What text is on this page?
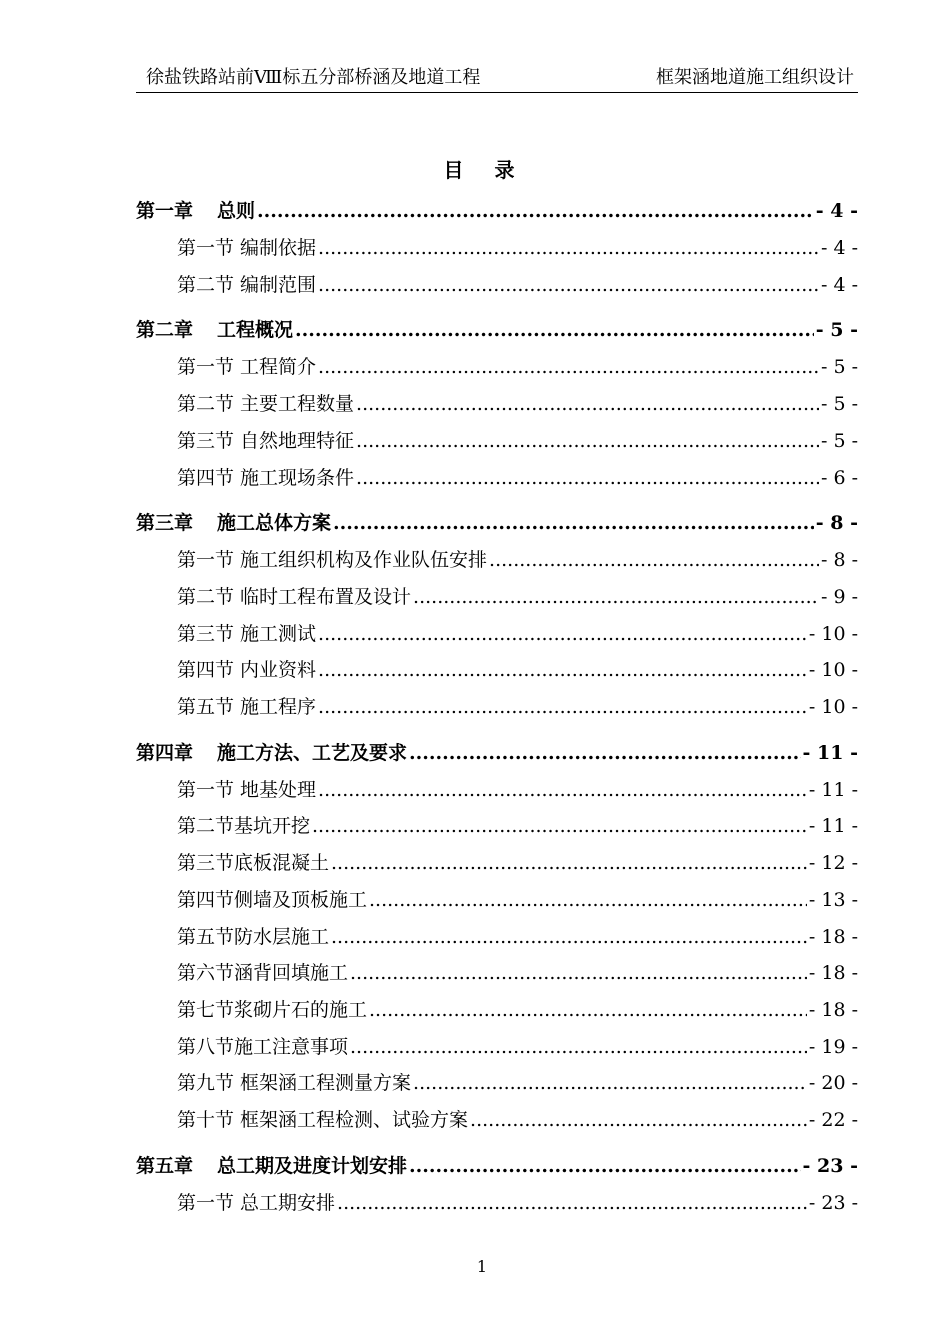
徐盐铁路站前Ⅷ标五分部桥涵及地道工程	框架涵地道施工组织设计
目 录
第一章 总则 .....	- 4 -
第一节 编制依据 .....	- 4 -
第二节 编制范围 .....	- 4 -
第二章 工程概况 .....	- 5 -
第一节 工程简介 .....	- 5 -
第二节 主要工程数量 .....	- 5 -
第三节 自然地理特征 .....	- 5 -
第四节 施工现场条件 .....	- 6 -
第三章 施工总体方案 .....	- 8 -
第一节 施工组织机构及作业队伍安排 .....	- 8 -
第二节 临时工程布置及设计 .....	- 9 -
第三节 施工测试 .....	- 10 -
第四节 内业资料 .....	- 10 -
第五节 施工程序 .....	- 10 -
第四章 施工方法、工艺及要求 .....	- 11 -
第一节 地基处理 .....	- 11 -
第二节基坑开挖 .....	- 11 -
第三节底板混凝土 .....	- 12 -
第四节侧墙及顶板施工 .....	- 13 -
第五节防水层施工 .....	- 18 -
第六节涵背回填施工 .....	- 18 -
第七节浆砌片石的施工 .....	- 18 -
第八节施工注意事项 .....	- 19 -
第九节 框架涵工程测量方案 .....	- 20 -
第十节 框架涵工程检测、试验方案 .....	- 22 -
第五章 总工期及进度计划安排 .....	- 23 -
第一节 总工期安排 .....	- 23 -
1
